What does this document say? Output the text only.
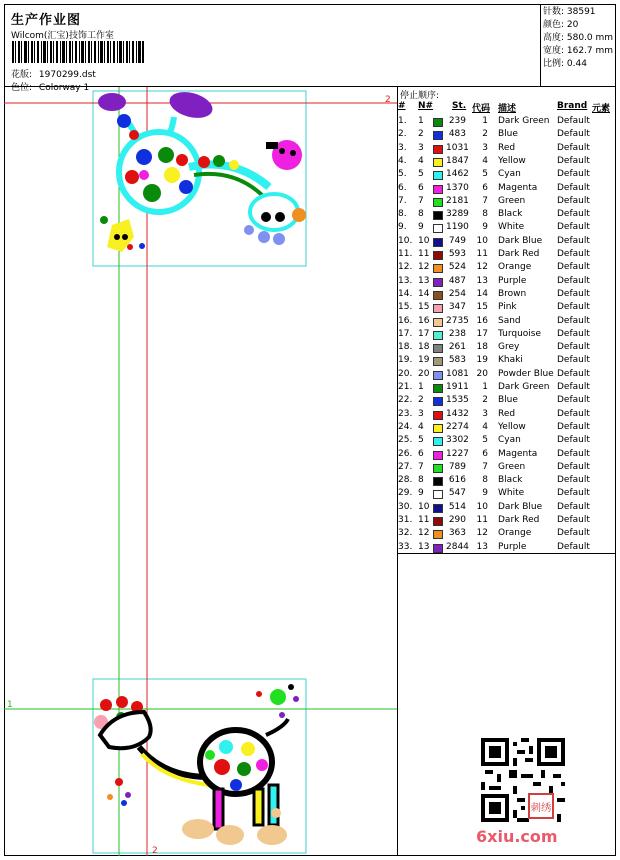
生产作业图
Wilcom(汇宝)技饰工作室
花版: 1970299.dst
色位: Colorway 1
针数: 38591
颜色: 20
高度: 580.0 mm
宽度: 162.7 mm
比例: 0.44
2
1
2
停止顺序:
# N# St. 代码 描述	Brand 元素
1. 1	239	1 Dark Green Default
2. 2	483	2 Blue	Default
3. 3 1031	3 Red	Default
4. 4 1847	4 Yellow	Default
5. 5 1462	5 Cyan	Default
6. 6 1370	6 Magenta Default
7. 7 2181	7 Green	Default
8. 8 3289	8 Black	Default
9. 9 1190	9 White	Default
10. 10	749	10 Dark Blue Default
11. 11	593	11 Dark Red Default
12. 12	524	12 Orange	Default
13. 13	487	13 Purple	Default
14. 14	254	14 Brown	Default
15. 15	347	15 Pink	Default
16. 16 2735 16 Sand	Default
17. 17	238	17 Turquoise Default
18. 18	261	18 Grey	Default
19. 19	583	19 Khaki	Default
20. 20 1081 20 Powder Blue Default
21. 1 1911	1 Dark Green Default
22. 2 1535	2 Blue	Default
23. 3 1432	3 Red	Default
24. 4 2274	4 Yellow	Default
25. 5 3302	5 Cyan	Default
26. 6 1227	6 Magenta Default
27. 7	789	7 Green	Default
28. 8	616	8 Black	Default
29. 9	547	9 White	Default
30. 10	514	10 Dark Blue Default
31. 11	290	11 Dark Red Default
32. 12	363	12 Orange	Default
33. 13 2844 13 Purple	Default
刺绣
6xiu.com
